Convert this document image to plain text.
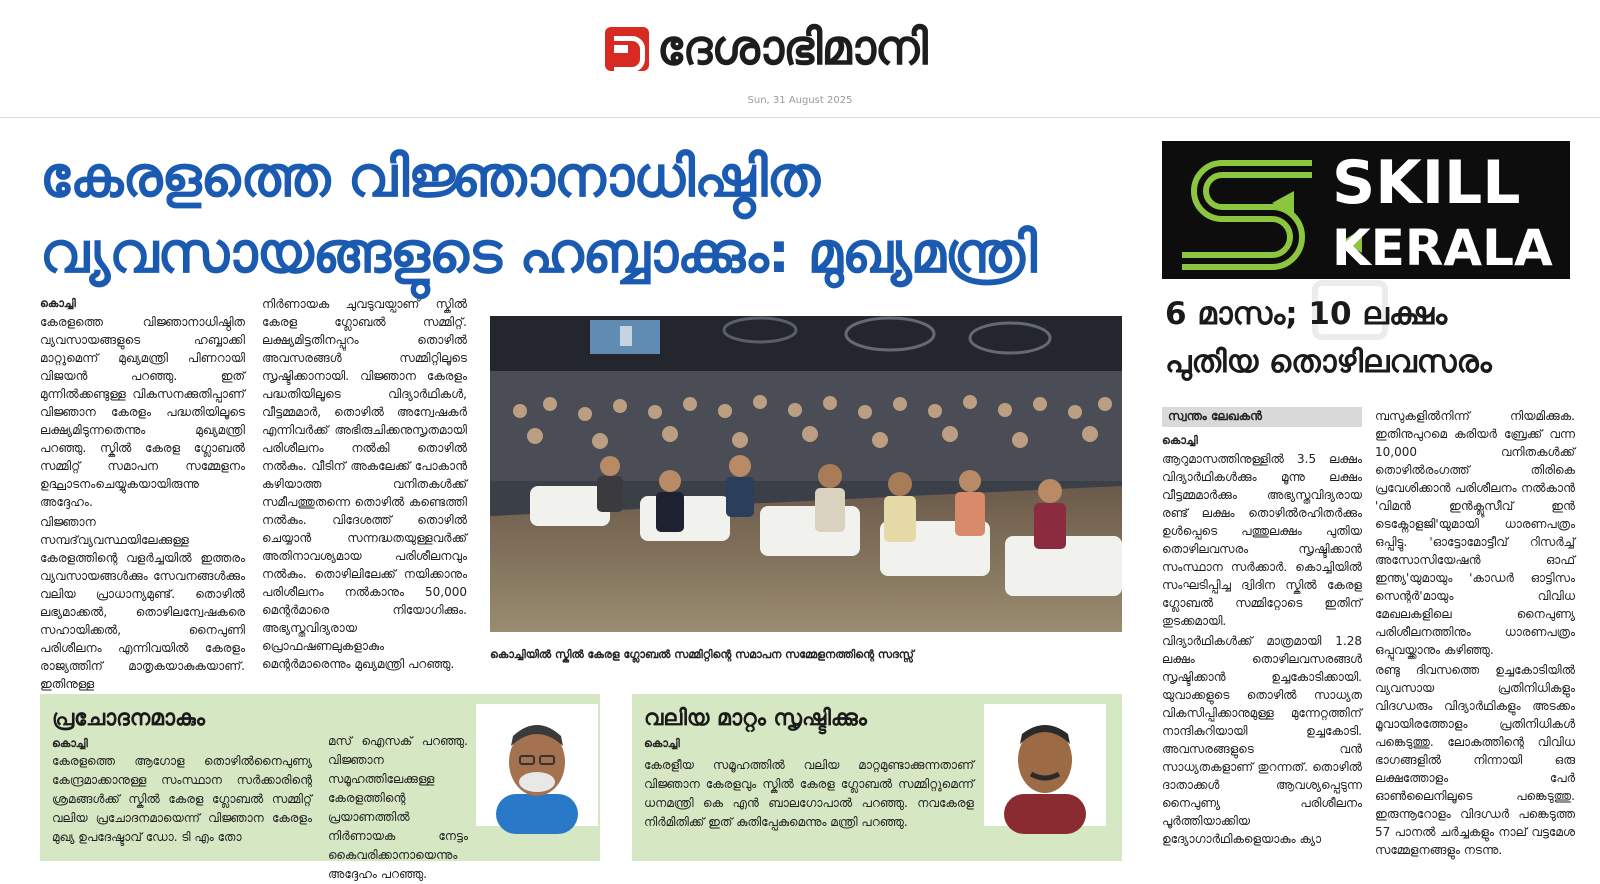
ദേശാഭിമാനി
Sun, 31 August 2025
കേരളത്തെ വിജ്ഞാനാധിഷ്ഠിത
വ്യവസായങ്ങളുടെ ഹബ്ബാക്കും: മുഖ്യമന്ത്രി
കൊച്ചി

കേരളത്തെ വിജ്ഞാനാധിഷ്ഠിത വ്യവസായങ്ങളുടെ ഹബ്ബാക്കി മാറ്റുമെന്ന് മുഖ്യമന്ത്രി പിണറായി വിജയൻ പറഞ്ഞു. ഇത് മുന്നിൽക്കണ്ടുള്ള വികസനക്കുതിപ്പാണ് വിജ്ഞാന കേരളം പദ്ധതിയിലൂടെ ലക്ഷ്യമിടുന്നതെന്നും മുഖ്യമന്ത്രി പറഞ്ഞു. സ്കിൽ കേരള ഗ്ലോബൽ സമ്മിറ്റ് സമാപന സമ്മേളനം ഉദ്ഘാടനംചെയ്യുകയായിരുന്നു അദ്ദേഹം.

വിജ്ഞാന സമ്പദ്‌വ്യവസ്ഥയിലേക്കുള്ള കേരളത്തിന്റെ വളർച്ചയിൽ ഇത്തരം വ്യവസായങ്ങൾക്കും സേവനങ്ങൾക്കും വലിയ പ്രാധാന്യമുണ്ട്. തൊഴിൽ ലഭ്യമാക്കൽ, തൊഴിലന്വേഷകരെ സഹായിക്കൽ, നൈപുണി പരിശീലനം എന്നിവയിൽ കേരളം രാജ്യത്തിന് മാതൃകയാകുകയാണ്. ഇതിനുള്ള

നിർണായക ചുവടുവയ്പാണ് സ്കിൽ കേരള ഗ്ലോബൽ സമ്മിറ്റ്. ലക്ഷ്യമിട്ടതിനപ്പുറം തൊഴിൽ അവസരങ്ങൾ സമ്മിറ്റിലൂടെ സൃഷ്ടിക്കാനായി. വിജ്ഞാന കേരളം പദ്ധതിയിലൂടെ വിദ്യാർഥികൾ, വീട്ടമ്മമാർ, തൊഴിൽ അന്വേഷകർ എന്നിവർക്ക് അഭിരുചിക്കനുസൃതമായി പരിശീലനം നൽകി തൊഴിൽ നൽകും. വീടിന് അകലേക്ക് പോകാൻ കഴിയാത്ത വനിതകൾക്ക് സമീപത്തുതന്നെ തൊഴിൽ കണ്ടെത്തി നൽകും. വിദേശത്ത് തൊഴിൽ ചെയ്യാൻ സന്നദ്ധതയുള്ളവർക്ക് അതിനാവശ്യമായ പരിശീലനവും നൽകും. തൊഴിലിലേക്ക് നയിക്കാനും പരിശീലനം നൽകാനും 50,000 മെന്റർമാരെ നിയോഗിക്കും. അഭ്യസ്തവിദ്യരായ പ്രൊഫഷണലുകളാകും മെന്റർമാരെന്നും മുഖ്യമന്ത്രി പറഞ്ഞു.

കൊച്ചിയിൽ സ്കിൽ കേരള ഗ്ലോബൽ സമ്മിറ്റിന്റെ സമാപന സമ്മേളനത്തിന്റെ സദസ്സ്
SKILL
KERALA
6 മാസം; 10 ലക്ഷം
പുതിയ തൊഴിലവസരം
സ്വന്തം ലേഖകൻ
കൊച്ചി

ആറുമാസത്തിനുള്ളിൽ 3.5 ലക്ഷം വിദ്യാർഥികൾക്കും മൂന്നു ലക്ഷം വീട്ടമ്മമാർക്കും അഭ്യസ്തവിദ്യരായ രണ്ട് ലക്ഷം തൊഴിൽരഹിതർക്കും ഉൾപ്പെടെ പത്തുലക്ഷം പുതിയ തൊഴിലവസരം സൃഷ്ടിക്കാൻ സംസ്ഥാന സർക്കാർ. കൊച്ചിയിൽ സംഘടിപ്പിച്ച ദ്വിദിന സ്കിൽ കേരള ഗ്ലോബൽ സമ്മിറ്റോടെ ഇതിന് തുടക്കമായി.

വിദ്യാർഥികൾക്ക് മാത്രമായി 1.28 ലക്ഷം തൊഴിലവസരങ്ങൾ സൃഷ്ടിക്കാൻ ഉച്ചകോടിക്കായി. യുവാക്കളുടെ തൊഴിൽ സാധ്യത വികസിപ്പിക്കാനുമുള്ള മുന്നേറ്റത്തിന് നാന്ദികുറിയായി ഉച്ചകോടി. അവസരങ്ങളുടെ വൻ സാധ്യതകളാണ് തുറന്നത്. തൊഴിൽ ദാതാക്കൾ ആവശ്യപ്പെടുന്ന നൈപുണ്യ പരിശീലനം പൂർത്തിയാക്കിയ ഉദ്യോഗാർഥികളെയാകും ക്യാ

മ്പസുകളിൽനിന്ന് നിയമിക്കുക. ഇതിനുപുറമെ കരിയർ ബ്രേക്ക് വന്ന 10,000 വനിതകൾക്ക് തൊഴിൽരംഗത്ത് തിരികെ പ്രവേശിക്കാൻ പരിശീലനം നൽകാൻ 'വിമൻ ഇൻക്ലൂസീവ് ഇൻ ടെക്നോളജി'യുമായി ധാരണപത്രം ഒപ്പിട്ടു. 'ഓട്ടോമോട്ടീവ് റിസർച്ച് അസോസിയേഷൻ ഓഫ് ഇന്ത്യ'യുമായും 'കാഡർ ഓട്ടിസം സെന്റർ'മായും വിവിധ മേഖലകളിലെ നൈപുണ്യ പരിശീലനത്തിനും ധാരണപത്രം ഒപ്പുവയ്ക്കാനും കഴിഞ്ഞു.

രണ്ടു ദിവസത്തെ ഉച്ചകോടിയിൽ വ്യവസായ പ്രതിനിധികളും വിദഗ്ധരും വിദ്യാർഥികളും അടക്കം മൂവായിരത്തോളം പ്രതിനിധികൾ പങ്കെടുത്തു. ലോകത്തിന്റെ വിവിധ ഭാഗങ്ങളിൽ നിന്നായി ഒരു ലക്ഷത്തോളം പേർ ഓൺലൈനിലൂടെ പങ്കെടുത്തു. ഇരുന്നൂറോളം വിദഗ്ധർ പങ്കെടുത്ത 57 പാനൽ ചർച്ചകളും നാല് വട്ടമേശ സമ്മേളനങ്ങളും നടന്നു.

പ്രചോദനമാകും
കൊച്ചി
കേരളത്തെ ആഗോള തൊഴിൽനൈപുണ്യ കേന്ദ്രമാക്കാനുള്ള സംസ്ഥാന സർക്കാരിന്റെ ശ്രമങ്ങൾക്ക് സ്കിൽ കേരള ഗ്ലോബൽ സമ്മിറ്റ് വലിയ പ്രചോദനമായെന്ന് വിജ്ഞാന കേരളം മുഖ്യ ഉപദേഷ്ടാവ് ഡോ. ടി എം തോ
മസ് ഐസക് പറഞ്ഞു. വിജ്ഞാന സമൂഹത്തിലേക്കുള്ള കേരളത്തിന്റെ പ്രയാണത്തിൽ നിർണായക നേട്ടം കൈവരിക്കാനായെന്നും അദ്ദേഹം പറഞ്ഞു.
വലിയ മാറ്റം സൃഷ്ടിക്കും
കൊച്ചി
കേരളീയ സമൂഹത്തിൽ വലിയ മാറ്റമുണ്ടാക്കുന്നതാണ് വിജ്ഞാന കേരളവും സ്കിൽ കേരള ഗ്ലോബൽ സമ്മിറ്റുമെന്ന് ധനമന്ത്രി കെ എൻ ബാലഗോപാൽ പറഞ്ഞു. നവകേരള നിർമിതിക്ക് ഇത് കുതിപ്പേകുമെന്നും മന്ത്രി പറഞ്ഞു.
